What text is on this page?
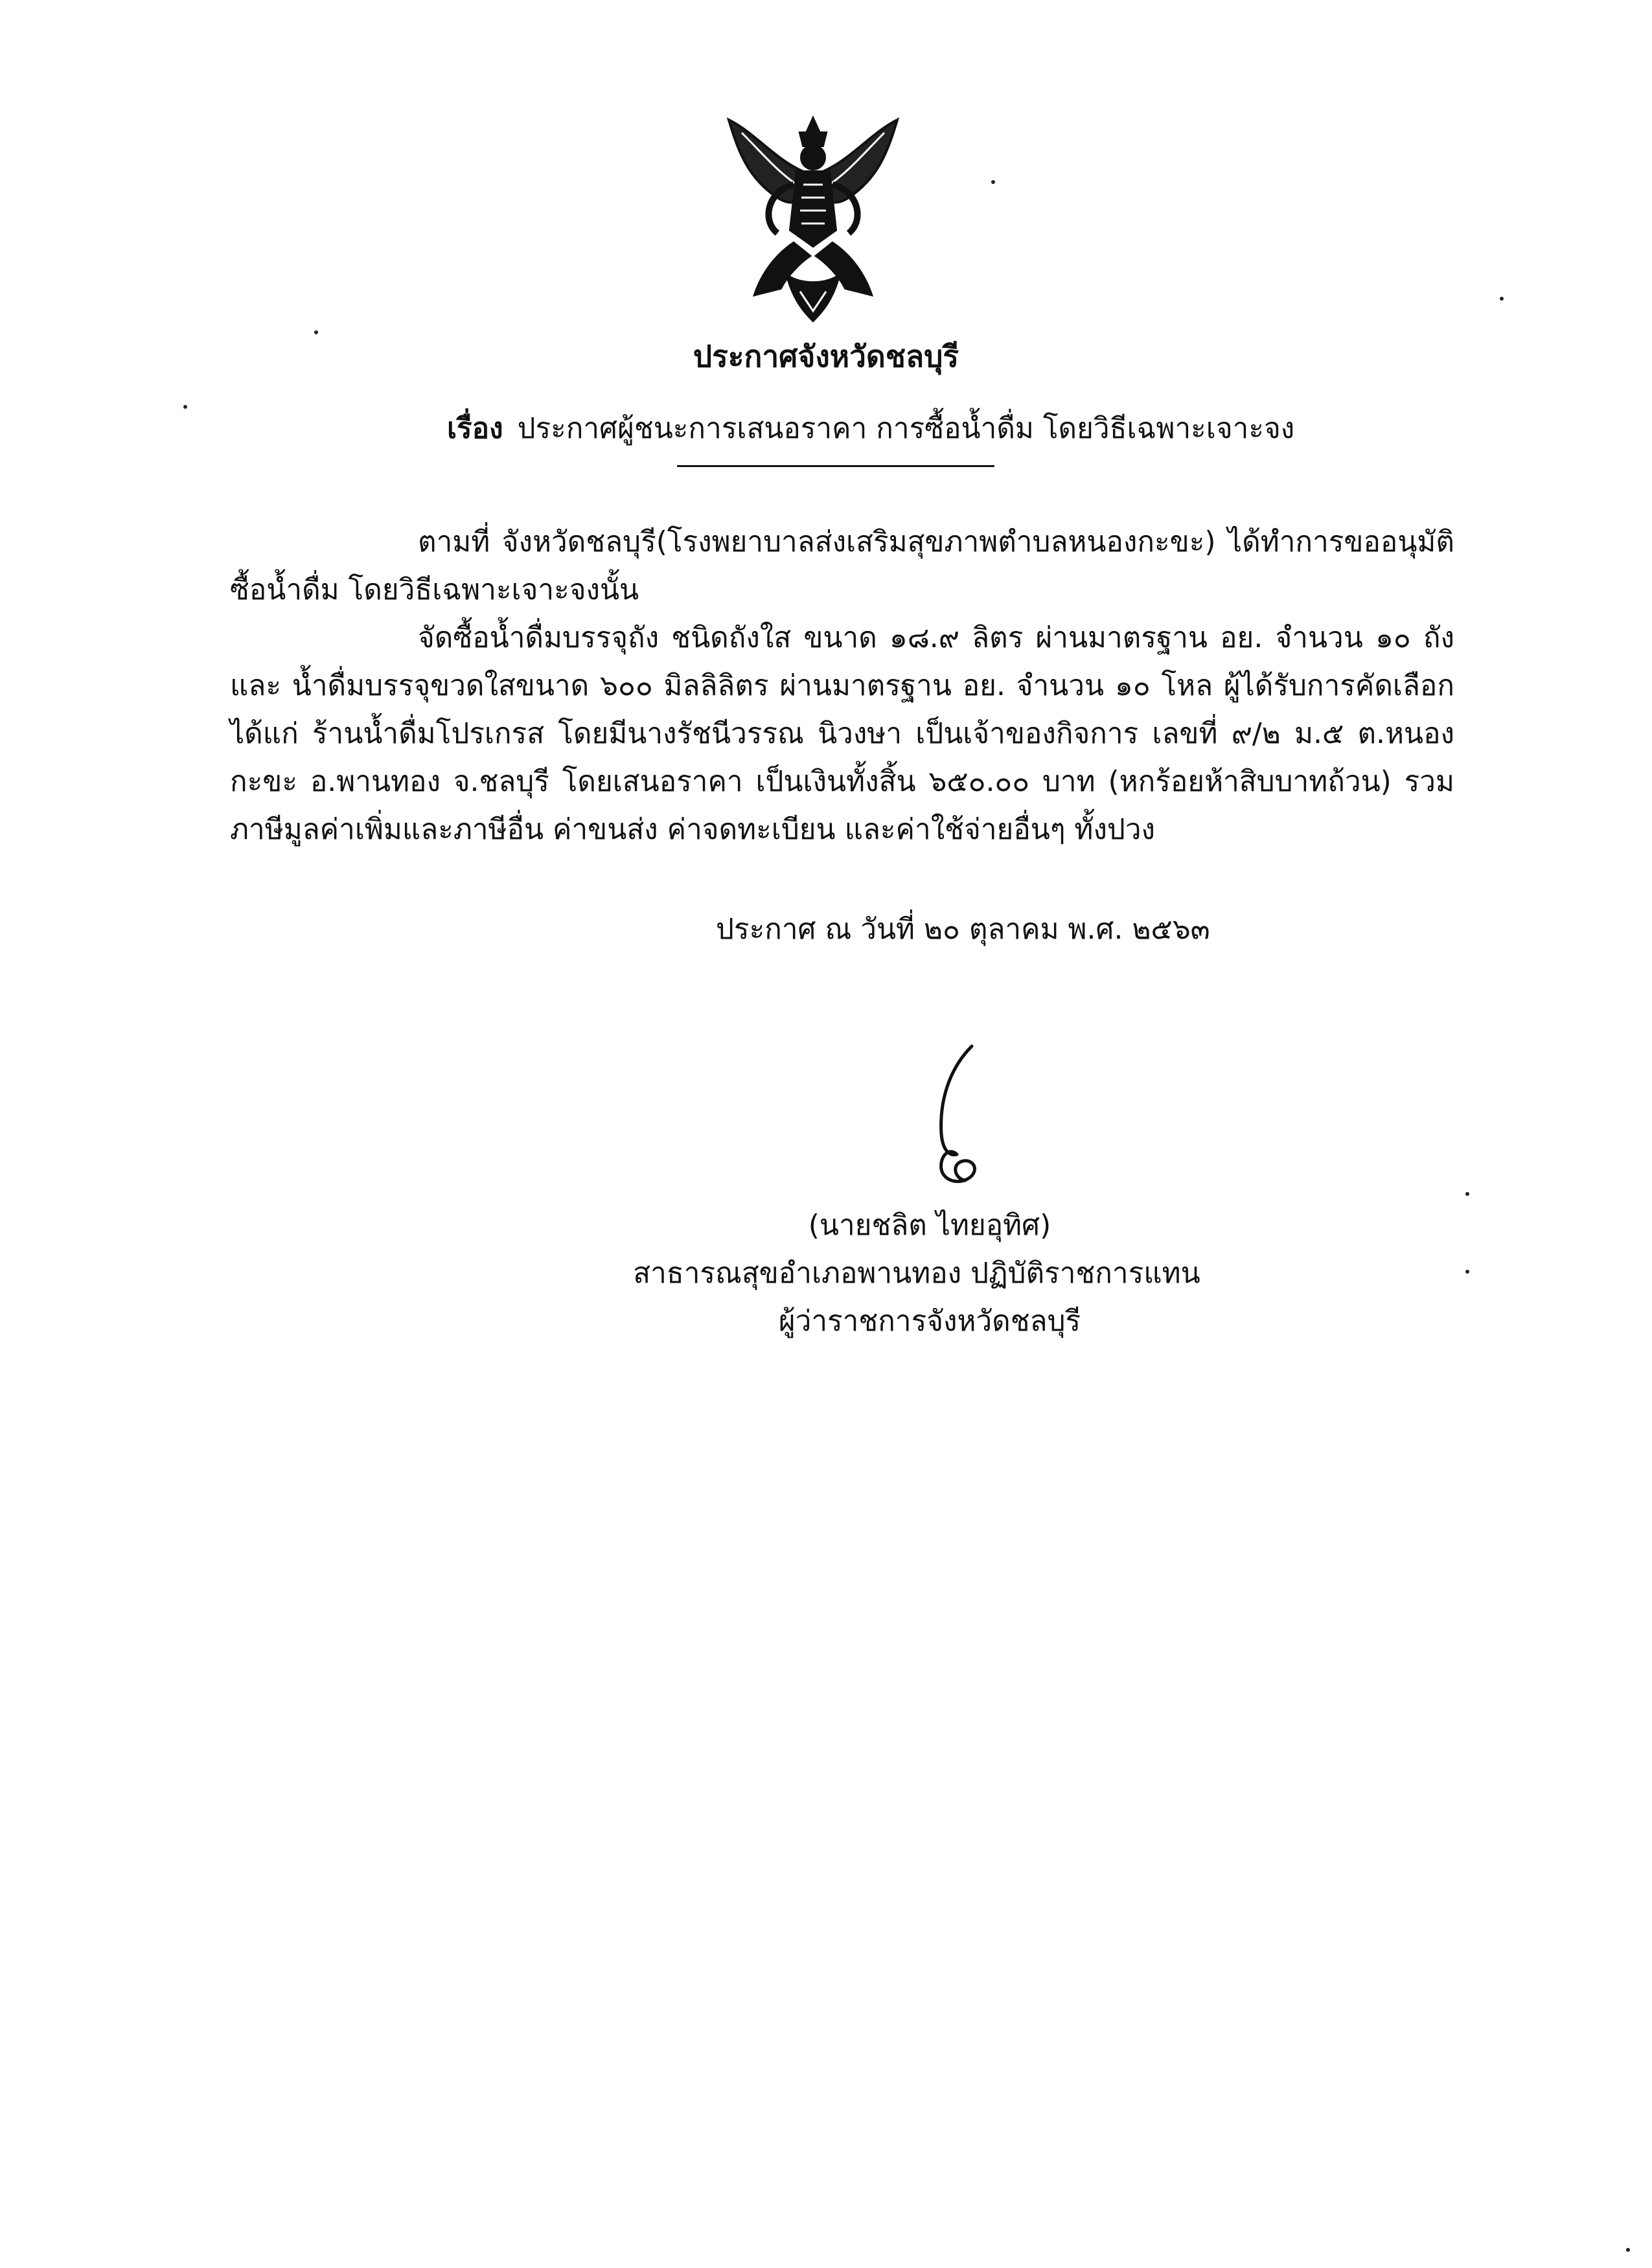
ประกาศจังหวัดชลบุรี
เรื่อง ประกาศผู้ชนะการเสนอราคา การซื้อน้ำดื่ม โดยวิธีเฉพาะเจาะจง

ตามที่ จังหวัดชลบุรี(โรงพยาบาลส่งเสริมสุขภาพตำบลหนองกะขะ) ได้ทำการขออนุมัติซื้อน้ำดื่ม โดยวิธีเฉพาะเจาะจงนั้น

จัดซื้อน้ำดื่มบรรจุถัง ชนิดถังใส ขนาด ๑๘.๙ ลิตร ผ่านมาตรฐาน อย. จำนวน ๑๐ ถัง และ น้ำดื่มบรรจุขวดใสขนาด ๖๐๐ มิลลิลิตร ผ่านมาตรฐาน อย. จำนวน ๑๐ โหล ผู้ได้รับการคัดเลือก ได้แก่ ร้านน้ำดื่มโปรเกรส โดยมีนางรัชนีวรรณ นิวงษา เป็นเจ้าของกิจการ เลขที่ ๙/๒ ม.๕ ต.หนองกะขะ อ.พานทอง จ.ชลบุรี โดยเสนอราคา เป็นเงินทั้งสิ้น ๖๕๐.๐๐ บาท (หกร้อยห้าสิบบาทถ้วน) รวมภาษีมูลค่าเพิ่มและภาษีอื่น ค่าขนส่ง ค่าจดทะเบียน และค่าใช้จ่ายอื่นๆ ทั้งปวง

ประกาศ ณ วันที่ ๒๐ ตุลาคม พ.ศ. ๒๕๖๓
(นายชลิต ไทยอุทิศ)
สาธารณสุขอำเภอพานทอง ปฏิบัติราชการแทน
ผู้ว่าราชการจังหวัดชลบุรี
